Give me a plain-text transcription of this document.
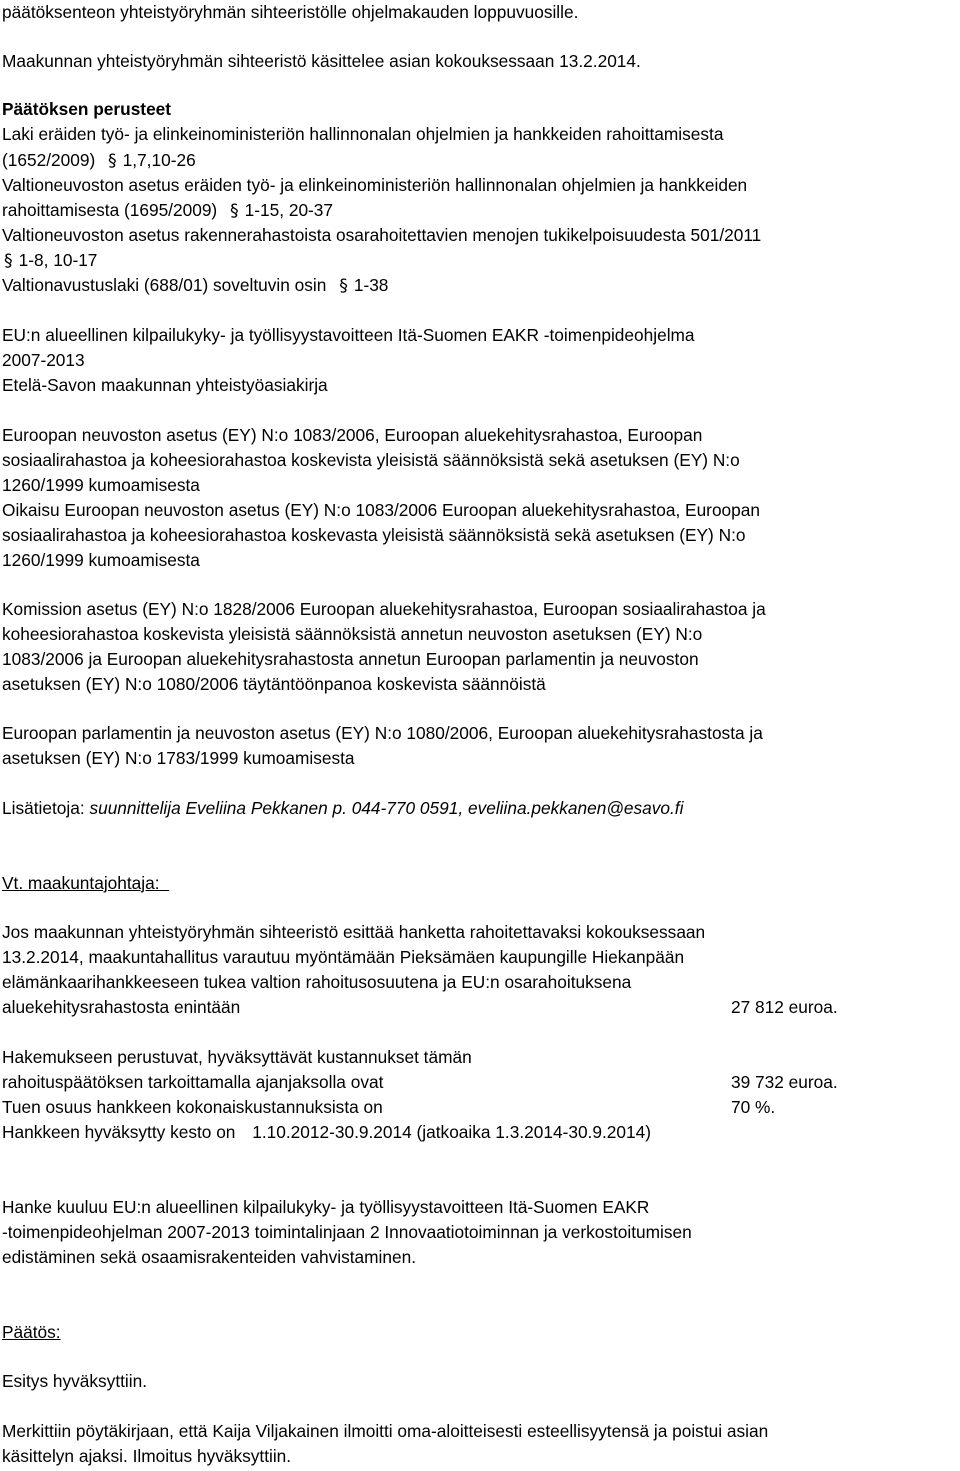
päätöksenteon yhteistyöryhmän sihteeristölle ohjelmakauden loppuvuosille.
Maakunnan yhteistyöryhmän sihteeristö käsittelee asian kokouksessaan 13.2.2014.
Päätöksen perusteet
Laki eräiden työ- ja elinkeinoministeriön hallinnonalan ohjelmien ja hankkeiden rahoittamisesta
(1652/2009) § 1,7,10-26
Valtioneuvoston asetus eräiden työ- ja elinkeinoministeriön hallinnonalan ohjelmien ja hankkeiden
rahoittamisesta (1695/2009) § 1-15, 20-37
Valtioneuvoston asetus rakennerahastoista osarahoitettavien menojen tukikelpoisuudesta 501/2011
§ 1-8, 10-17
Valtionavustuslaki (688/01) soveltuvin osin § 1-38
EU:n alueellinen kilpailukyky- ja työllisyystavoitteen Itä-Suomen EAKR -toimenpideohjelma
2007-2013
Etelä-Savon maakunnan yhteistyöasiakirja
Euroopan neuvoston asetus (EY) N:o 1083/2006, Euroopan aluekehitysrahastoa, Euroopan
sosiaalirahastoa ja koheesiorahastoa koskevista yleisistä säännöksistä sekä asetuksen (EY) N:o
1260/1999 kumoamisesta
Oikaisu Euroopan neuvoston asetus (EY) N:o 1083/2006 Euroopan aluekehitysrahastoa, Euroopan
sosiaalirahastoa ja koheesiorahastoa koskevasta yleisistä säännöksistä sekä asetuksen (EY) N:o
1260/1999 kumoamisesta
Komission asetus (EY) N:o 1828/2006 Euroopan aluekehitysrahastoa, Euroopan sosiaalirahastoa ja
koheesiorahastoa koskevista yleisistä säännöksistä annetun neuvoston asetuksen (EY) N:o
1083/2006 ja Euroopan aluekehitysrahastosta annetun Euroopan parlamentin ja neuvoston
asetuksen (EY) N:o 1080/2006 täytäntöönpanoa koskevista säännöistä
Euroopan parlamentin ja neuvoston asetus (EY) N:o 1080/2006, Euroopan aluekehitysrahastosta ja
asetuksen (EY) N:o 1783/1999 kumoamisesta
Lisätietoja: suunnittelija Eveliina Pekkanen p. 044-770 0591, eveliina.pekkanen@esavo.fi
Vt. maakuntajohtaja:
Jos maakunnan yhteistyöryhmän sihteeristö esittää hanketta rahoitettavaksi kokouksessaan
13.2.2014, maakuntahallitus varautuu myöntämään Pieksämäen kaupungille Hiekanpään
elämänkaarihankkeeseen tukea valtion rahoitusosuutena ja EU:n osarahoituksena
aluekehitysrahastosta enintään	27 812 euroa.
Hakemukseen perustuvat, hyväksyttävät kustannukset tämän
rahoituspäätöksen tarkoittamalla ajanjaksolla ovat	39 732 euroa.
Tuen osuus hankkeen kokonaiskustannuksista on	70 %.
Hankkeen hyväksytty kesto on 1.10.2012-30.9.2014 (jatkoaika 1.3.2014-30.9.2014)
Hanke kuuluu EU:n alueellinen kilpailukyky- ja työllisyystavoitteen Itä-Suomen EAKR
-toimenpideohjelman 2007-2013 toimintalinjaan 2 Innovaatiotoiminnan ja verkostoitumisen
edistäminen sekä osaamisrakenteiden vahvistaminen.
Päätös:
Esitys hyväksyttiin.
Merkittiin pöytäkirjaan, että Kaija Viljakainen ilmoitti oma-aloitteisesti esteellisyytensä ja poistui asian
käsittelyn ajaksi. Ilmoitus hyväksyttiin.
